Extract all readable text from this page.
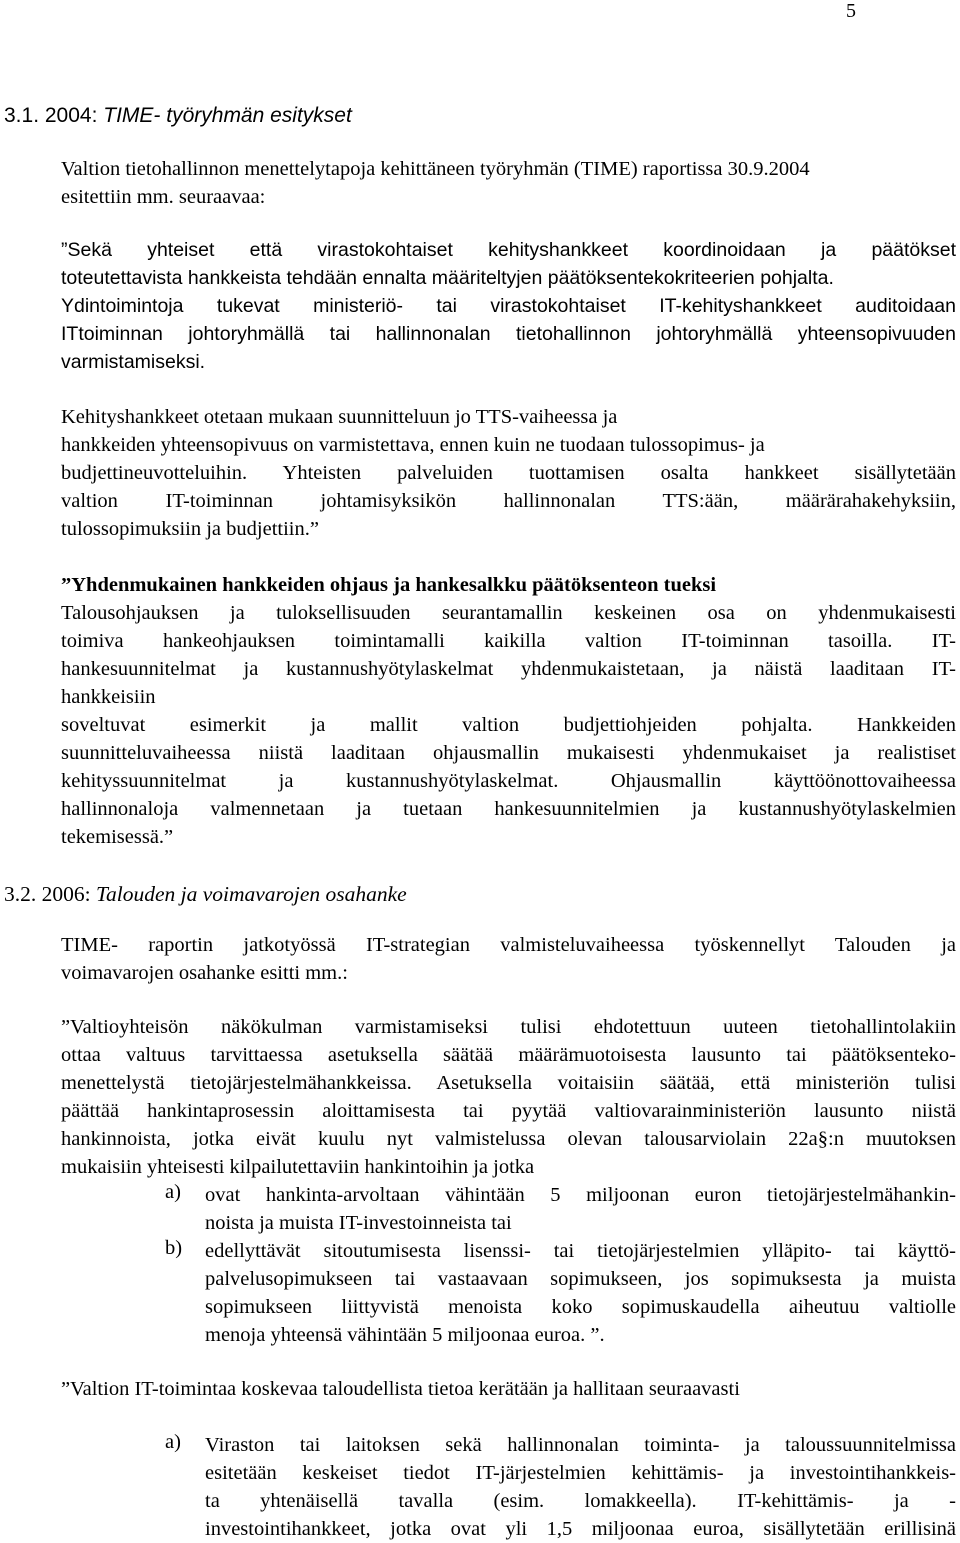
5
3.1. 2004: TIME- työryhmän esitykset
Valtion tietohallinnon menettelytapoja kehittäneen työryhmän (TIME) raportissa 30.9.2004
esitettiin mm. seuraavaa:
”Sekä yhteiset että virastokohtaiset kehityshankkeet koordinoidaan ja päätökset
toteutettavista hankkeista tehdään ennalta määriteltyjen päätöksentekokriteerien pohjalta.
Ydintoimintoja tukevat ministeriö- tai virastokohtaiset IT-kehityshankkeet auditoidaan
ITtoiminnan johtoryhmällä tai hallinnonalan tietohallinnon johtoryhmällä yhteensopivuuden
varmistamiseksi.
Kehityshankkeet otetaan mukaan suunnitteluun jo TTS-vaiheessa ja
hankkeiden yhteensopivuus on varmistettava, ennen kuin ne tuodaan tulossopimus- ja
budjettineuvotteluihin. Yhteisten palveluiden tuottamisen osalta hankkeet sisällytetään
valtion IT-toiminnan johtamisyksikön hallinnonalan TTS:ään, määrärahakehyksiin,
tulossopimuksiin ja budjettiin.”
”Yhdenmukainen hankkeiden ohjaus ja hankesalkku päätöksenteon tueksi
Talousohjauksen ja tuloksellisuuden seurantamallin keskeinen osa on yhdenmukaisesti
toimiva hankeohjauksen toimintamalli kaikilla valtion IT-toiminnan tasoilla. IT-
hankesuunnitelmat ja kustannushyötylaskelmat yhdenmukaistetaan, ja näistä laaditaan IT-
hankkeisiin
soveltuvat esimerkit ja mallit valtion budjettiohjeiden pohjalta. Hankkeiden
suunnitteluvaiheessa niistä laaditaan ohjausmallin mukaisesti yhdenmukaiset ja realistiset
kehityssuunnitelmat ja kustannushyötylaskelmat. Ohjausmallin käyttöönottovaiheessa
hallinnonaloja valmennetaan ja tuetaan hankesuunnitelmien ja kustannushyötylaskelmien
tekemisessä.”
3.2. 2006: Talouden ja voimavarojen osahanke
TIME- raportin jatkotyössä IT-strategian valmisteluvaiheessa työskennellyt Talouden ja
voimavarojen osahanke esitti mm.:
”Valtioyhteisön näkökulman varmistamiseksi tulisi ehdotettuun uuteen tietohallintolakiin
ottaa valtuus tarvittaessa asetuksella säätää määrämuotoisesta lausunto tai päätöksenteko-
menettelystä tietojärjestelmähankkeissa. Asetuksella voitaisiin säätää, että ministeriön tulisi
päättää hankintaprosessin aloittamisesta tai pyytää valtiovarainministeriön lausunto niistä
hankinnoista, jotka eivät kuulu nyt valmistelussa olevan talousarviolain 22a§:n muutoksen
mukaisiin yhteisesti kilpailutettaviin hankintoihin ja jotka
a) ovat hankinta-arvoltaan vähintään 5 miljoonan euron tietojärjestelmähankin-
noista ja muista IT-investoinneista tai
b) edellyttävät sitoutumisesta lisenssi- tai tietojärjestelmien ylläpito- tai käyttö-
palvelusopimukseen tai vastaavaan sopimukseen, jos sopimuksesta ja muista
sopimukseen liittyvistä menoista koko sopimuskaudella aiheutuu valtiolle
menoja yhteensä vähintään 5 miljoonaa euroa. ”.
”Valtion IT-toimintaa koskevaa taloudellista tietoa kerätään ja hallitaan seuraavasti
a) Viraston tai laitoksen sekä hallinnonalan toiminta- ja taloussuunnitelmissa
esitetään keskeiset tiedot IT-järjestelmien kehittämis- ja investointihankkeis-
ta yhtenäisellä tavalla (esim. lomakkeella). IT-kehittämis- ja -
investointihankkeet, jotka ovat yli 1,5 miljoonaa euroa, sisällytetään erillisinä
